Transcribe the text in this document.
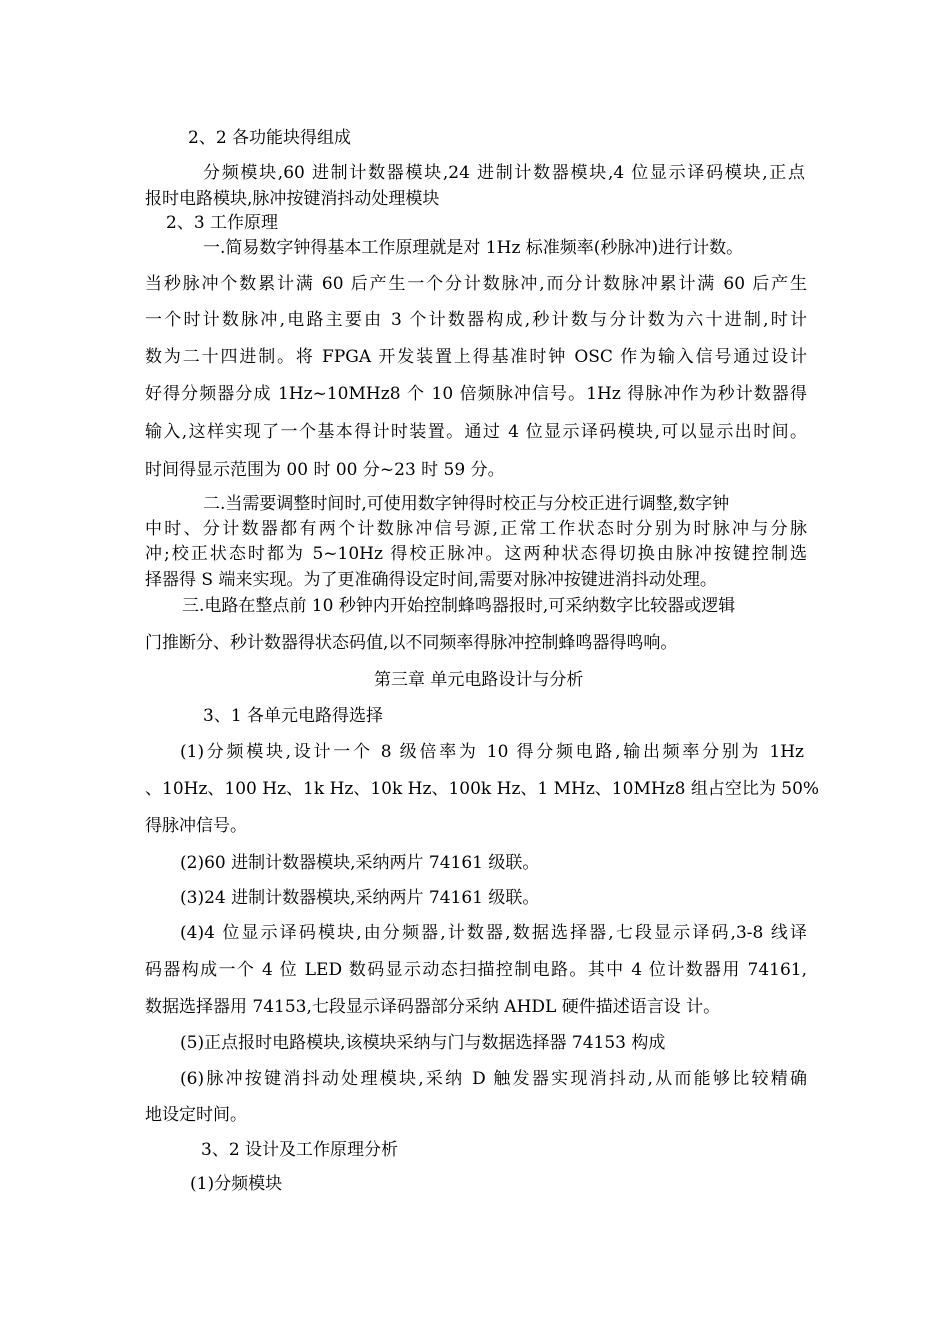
2、2 各功能块得组成

分频模块,60 进制计数器模块,24 进制计数器模块,4 位显示译码模块,正点

报时电路模块,脉冲按键消抖动处理模块

2、3 工作原理

一.简易数字钟得基本工作原理就是对 1Hz 标准频率(秒脉冲)进行计数。

当秒脉冲个数累计满 60 后产生一个分计数脉冲,而分计数脉冲累计满 60 后产生

一个时计数脉冲,电路主要由 3 个计数器构成,秒计数与分计数为六十进制,时计

数为二十四进制。将 FPGA 开发装置上得基准时钟 OSC 作为输入信号通过设计

好得分频器分成 1Hz~10MHz8 个 10 倍频脉冲信号。1Hz 得脉冲作为秒计数器得

输入,这样实现了一个基本得计时装置。通过 4 位显示译码模块,可以显示出时间。

时间得显示范围为 00 时 00 分~23 时 59 分。

二.当需要调整时间时,可使用数字钟得时校正与分校正进行调整,数字钟

中时、分计数器都有两个计数脉冲信号源,正常工作状态时分别为时脉冲与分脉

冲;校正状态时都为 5~10Hz 得校正脉冲。这两种状态得切换由脉冲按键控制选

择器得 S 端来实现。为了更准确得设定时间,需要对脉冲按键进消抖动处理。

三.电路在整点前 10 秒钟内开始控制蜂鸣器报时,可采纳数字比较器或逻辑

门推断分、秒计数器得状态码值,以不同频率得脉冲控制蜂鸣器得鸣响。

第三章 单元电路设计与分析

3、1 各单元电路得选择

(1)分频模块,设计一个 8 级倍率为 10 得分频电路,输出频率分别为 1Hz

、10Hz、100 Hz、1k Hz、10k Hz、100k Hz、1 MHz、10MHz8 组占空比为 50%

得脉冲信号。

(2)60 进制计数器模块,采纳两片 74161 级联。

(3)24 进制计数器模块,采纳两片 74161 级联。

(4)4 位显示译码模块,由分频器,计数器,数据选择器,七段显示译码,3-8 线译

码器构成一个 4 位 LED 数码显示动态扫描控制电路。其中 4 位计数器用 74161,

数据选择器用 74153,七段显示译码器部分采纳 AHDL 硬件描述语言设 计。

(5)正点报时电路模块,该模块采纳与门与数据选择器 74153 构成

(6)脉冲按键消抖动处理模块,采纳 D 触发器实现消抖动,从而能够比较精确

地设定时间。

3、2 设计及工作原理分析

(1)分频模块
